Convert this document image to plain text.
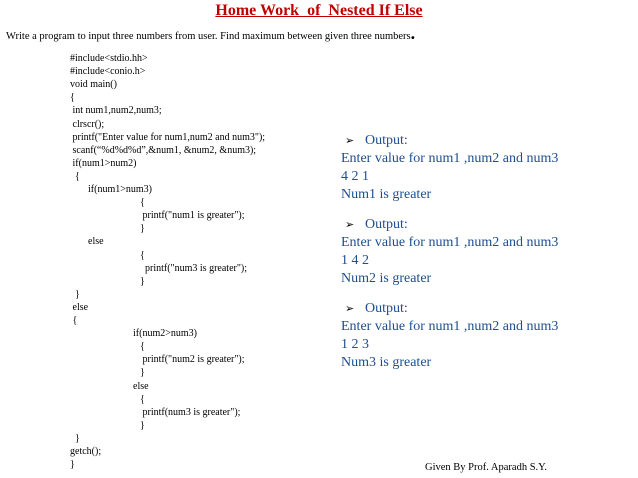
Home Work  of  Nested If Else
Write a program to input three numbers from user. Find maximum between given three numbers.
#include<stdio.hh>
#include<conio.h>
void main()
{
int num1,num2,num3;
clrscr();
printf("Enter value for num1,num2 and num3");
scanf(“%d%d%d”,&num1, &num2, &num3);
if(num1>num2)
{
if(num1>num3)
{
printf("num1 is greater");
}
else
{
printf("num3 is greater");
}
}
else
{
if(num2>num3)
{
printf("num2 is greater");
}
else
{
printf(num3 is greater");
}
}
getch();
}
➢ Output:
Enter value for num1 ,num2 and num3
4 2 1
Num1 is greater
➢ Output:
Enter value for num1 ,num2 and num3
1 4 2
Num2 is greater
➢ Output:
Enter value for num1 ,num2 and num3
1 2 3
Num3 is greater
Given By Prof. Aparadh S.Y.
